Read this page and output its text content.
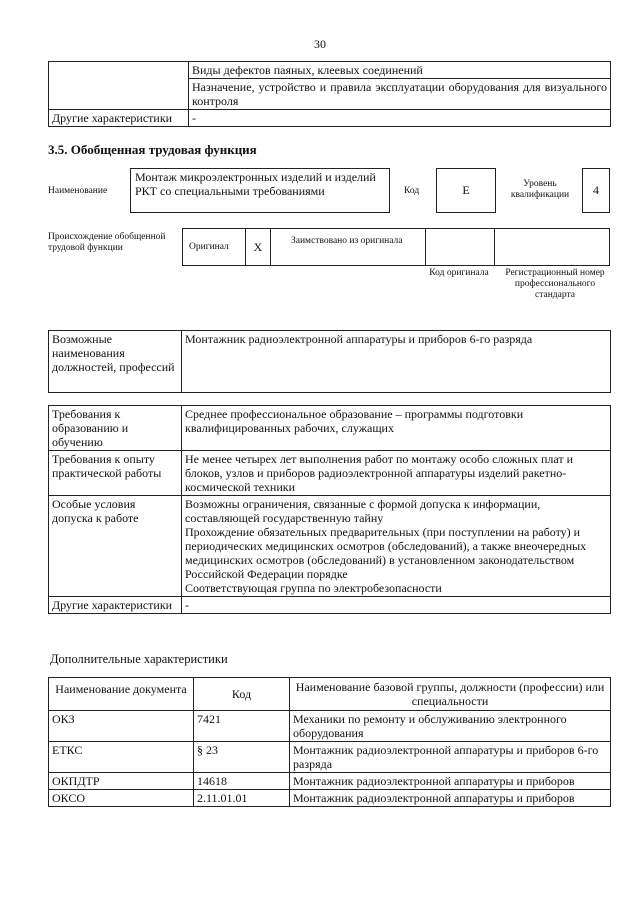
30
	Виды дефектов паяных, клеевых соединений
	Назначение, устройство и правила эксплуатации оборудования для визуального контроля
Другие характеристики	-
3.5. Обобщенная трудовая функция
Наименование
Монтаж микроэлектронных изделий и изделий РКТ со специальными требованиями	Код	E	Уровень квалификации	4
Происхождение обобщенной трудовой функции	Оригинал	X	Заимствовано из оригинала
Код оригинала	Регистрационный номер профессионального стандарта
Возможные наименования должностей, профессий	Монтажник радиоэлектронной аппаратуры и приборов 6-го разряда
Требования к образованию и обучению	Среднее профессиональное образование – программы подготовки квалифицированных рабочих, служащих

Требования к опыту практической работы	Не менее четырех лет выполнения работ по монтажу особо сложных плат и блоков, узлов и приборов радиоэлектронной аппаратуры изделий ракетно-космической техники

Особые условия допуска к работе	Возможны ограничения, связанные с формой допуска к информации, составляющей государственную тайну
Прохождение обязательных предварительных (при поступлении на работу) и периодических медицинских осмотров (обследований), а также внеочередных медицинских осмотров (обследований) в установленном законодательством Российской Федерации порядке
Соответствующая группа по электробезопасности

Другие характеристики	-
Дополнительные характеристики
Наименование документа	Код	Наименование базовой группы, должности (профессии) или специальности
ОКЗ	7421	Механики по ремонту и обслуживанию электронного оборудования
ЕТКС	§ 23	Монтажник радиоэлектронной аппаратуры и приборов 6-го разряда
ОКПДТР	14618	Монтажник радиоэлектронной аппаратуры и приборов
ОКСО	2.11.01.01	Монтажник радиоэлектронной аппаратуры и приборов
